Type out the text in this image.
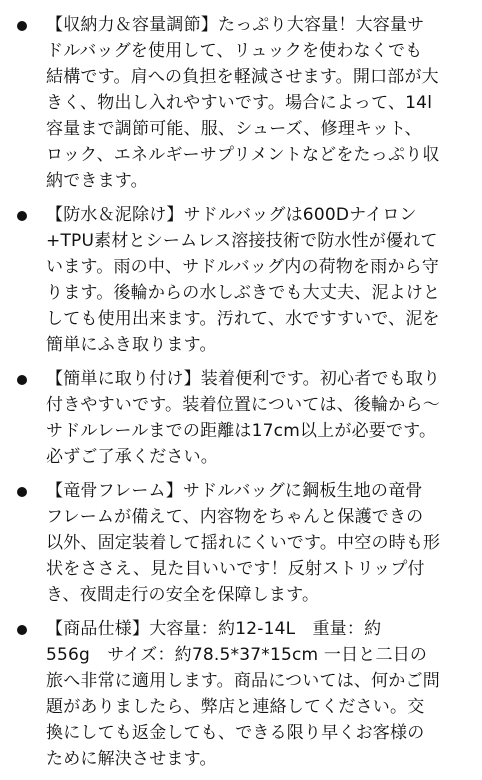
【収納力＆容量調節】たっぷり大容量！大容量サ
ドルバッグを使用して、リュックを使わなくでも
結構です。肩への負担を軽減させます。開口部が大
きく、物出し入れやすいです。場合によって、14l
容量まで調節可能、服、シューズ、修理キット、
ロック、エネルギーサプリメントなどをたっぷり収
納できます。
【防水＆泥除け】サドルバッグは600Dナイロン
+TPU素材とシームレス溶接技術で防水性が優れて
います。雨の中、サドルバッグ内の荷物を雨から守
ります。後輪からの水しぶきでも大丈夫、泥よけと
しても使用出来ます。汚れて、水ですすいで、泥を
簡単にふき取ります。
【簡単に取り付け】装着便利です。初心者でも取り
付きやすいです。装着位置については、後輪から〜
サドルレールまでの距離は17cm以上が必要です。
必ずご了承ください。
【竜骨フレーム】サドルバッグに鋼板生地の竜骨
フレームが備えて、内容物をちゃんと保護できの
以外、固定装着して揺れにくいです。中空の時も形
状をささえ、見た目いいです！反射ストリップ付
き、夜間走行の安全を保障します。
【商品仕様】大容量：約12-14L　重量：約
556g　サイズ：約78.5*37*15cm 一日と二日の
旅へ非常に適用します。商品については、何かご問
題がありましたら、弊店と連絡してください。交
換にしても返金しても、できる限り早くお客様の
ために解決させます。
